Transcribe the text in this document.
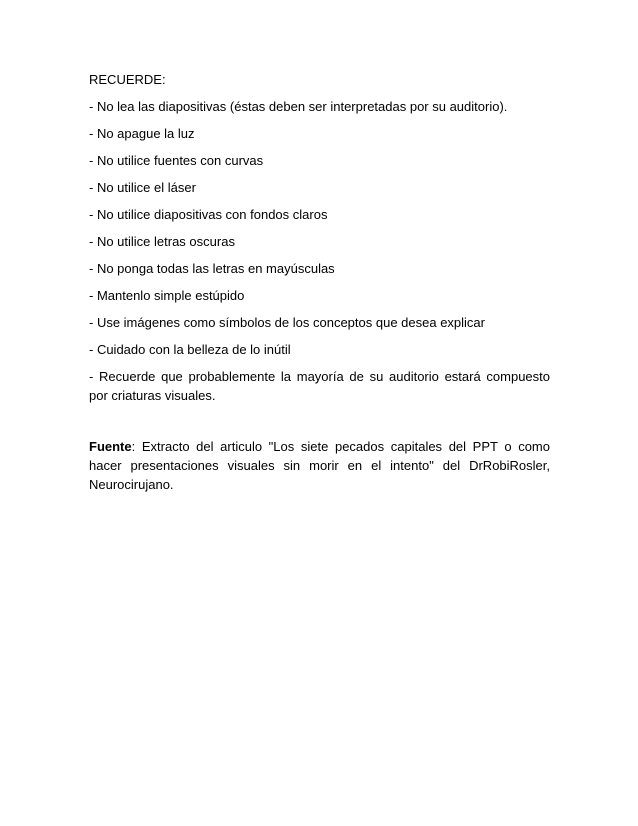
RECUERDE:

- No lea las diapositivas (éstas deben ser interpretadas por su auditorio).

- No apague la luz

- No utilice fuentes con curvas

- No utilice el láser

- No utilice diapositivas con fondos claros

- No utilice letras oscuras

- No ponga todas las letras en mayúsculas

- Mantenlo simple estúpido

- Use imágenes como símbolos de los conceptos que desea explicar

- Cuidado con la belleza de lo inútil

- Recuerde que probablemente la mayoría de su auditorio estará compuesto por criaturas visuales.

Fuente: Extracto del articulo "Los siete pecados capitales del PPT o como hacer presentaciones visuales sin morir en el intento" del DrRobiRosler, Neurocirujano.
